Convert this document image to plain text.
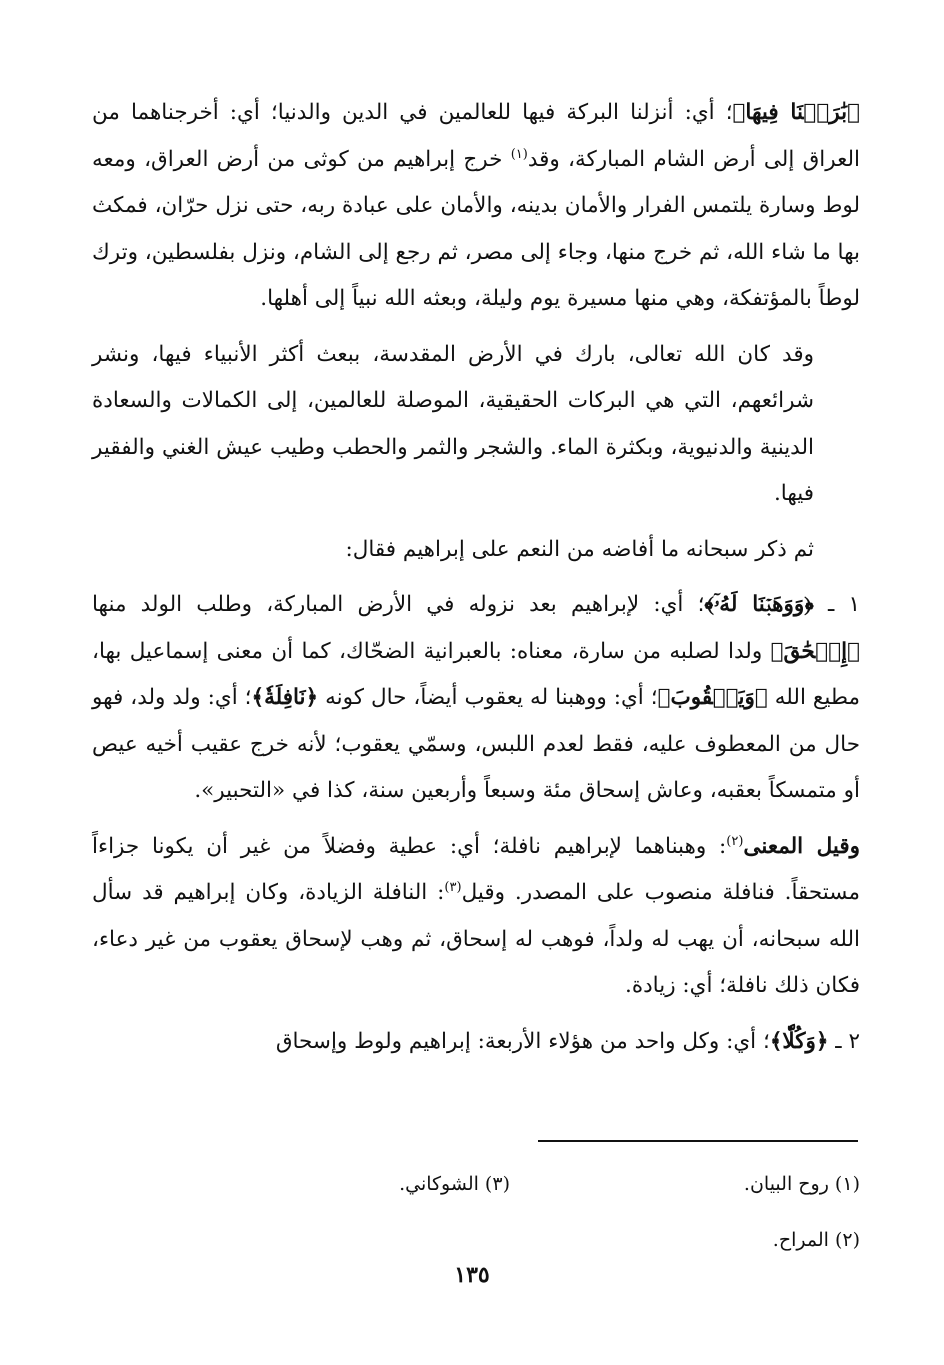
﴿بَٰرَكۡنَا فِيهَا﴾؛ أي: أنزلنا البركة فيها للعالمين في الدين والدنيا؛ أي: أخرجناهما من العراق إلى أرض الشام المباركة، وقد$^{(١)}$ خرج إبراهيم من كوثى من أرض العراق، ومعه لوط وسارة يلتمس الفرار والأمان بدينه، والأمان على عبادة ربه، حتى نزل حرّان، فمكث بها ما شاء الله، ثم خرج منها، وجاء إلى مصر، ثم رجع إلى الشام، ونزل بفلسطين، وترك لوطاً بالمؤتفكة، وهي منها مسيرة يوم وليلة، وبعثه الله نبياً إلى أهلها.

وقد كان الله تعالى، بارك في الأرض المقدسة، ببعث أكثر الأنبياء فيها، ونشر شرائعهم، التي هي البركات الحقيقية، الموصلة للعالمين، إلى الكمالات والسعادة الدينية والدنيوية، وبكثرة الماء. والشجر والثمر والحطب وطيب عيش الغني والفقير فيها.

ثم ذكر سبحانه ما أفاضه من النعم على إبراهيم فقال:

١ ـ ﴿وَوَهَبۡنَا لَهُۥٓ﴾؛ أي: لإبراهيم بعد نزوله في الأرض المباركة، وطلب الولد منها ﴿إِسۡحَٰقَ﴾ ولدا لصلبه من سارة، معناه: بالعبرانية الضحّاك، كما أن معنى إسماعيل بها، مطيع الله ﴿وَيَعۡقُوبَ﴾؛ أي: ووهبنا له يعقوب أيضاً، حال كونه ﴿نَافِلَةٗ﴾؛ أي: ولد ولد، فهو حال من المعطوف عليه، فقط لعدم اللبس، وسمّي يعقوب؛ لأنه خرج عقيب أخيه عيص أو متمسكاً بعقبه، وعاش إسحاق مئة وسبعاً وأربعين سنة، كذا في «التحبير».

وقيل المعنى$^{(٢)}$: وهبناهما لإبراهيم نافلة؛ أي: عطية وفضلاً من غير أن يكونا جزاءاً مستحقاً. فنافلة منصوب على المصدر. وقيل$^{(٣)}$: النافلة الزيادة، وكان إبراهيم قد سأل الله سبحانه، أن يهب له ولداً، فوهب له إسحاق، ثم وهب لإسحاق يعقوب من غير دعاء، فكان ذلك نافلة؛ أي: زيادة.

٢ ـ ﴿وَكُلّٗا﴾؛ أي: وكل واحد من هؤلاء الأربعة: إبراهيم ولوط وإسحاق

(١) روح البيان.
(٣) الشوكاني.
(٢) المراح.
١٣٥
